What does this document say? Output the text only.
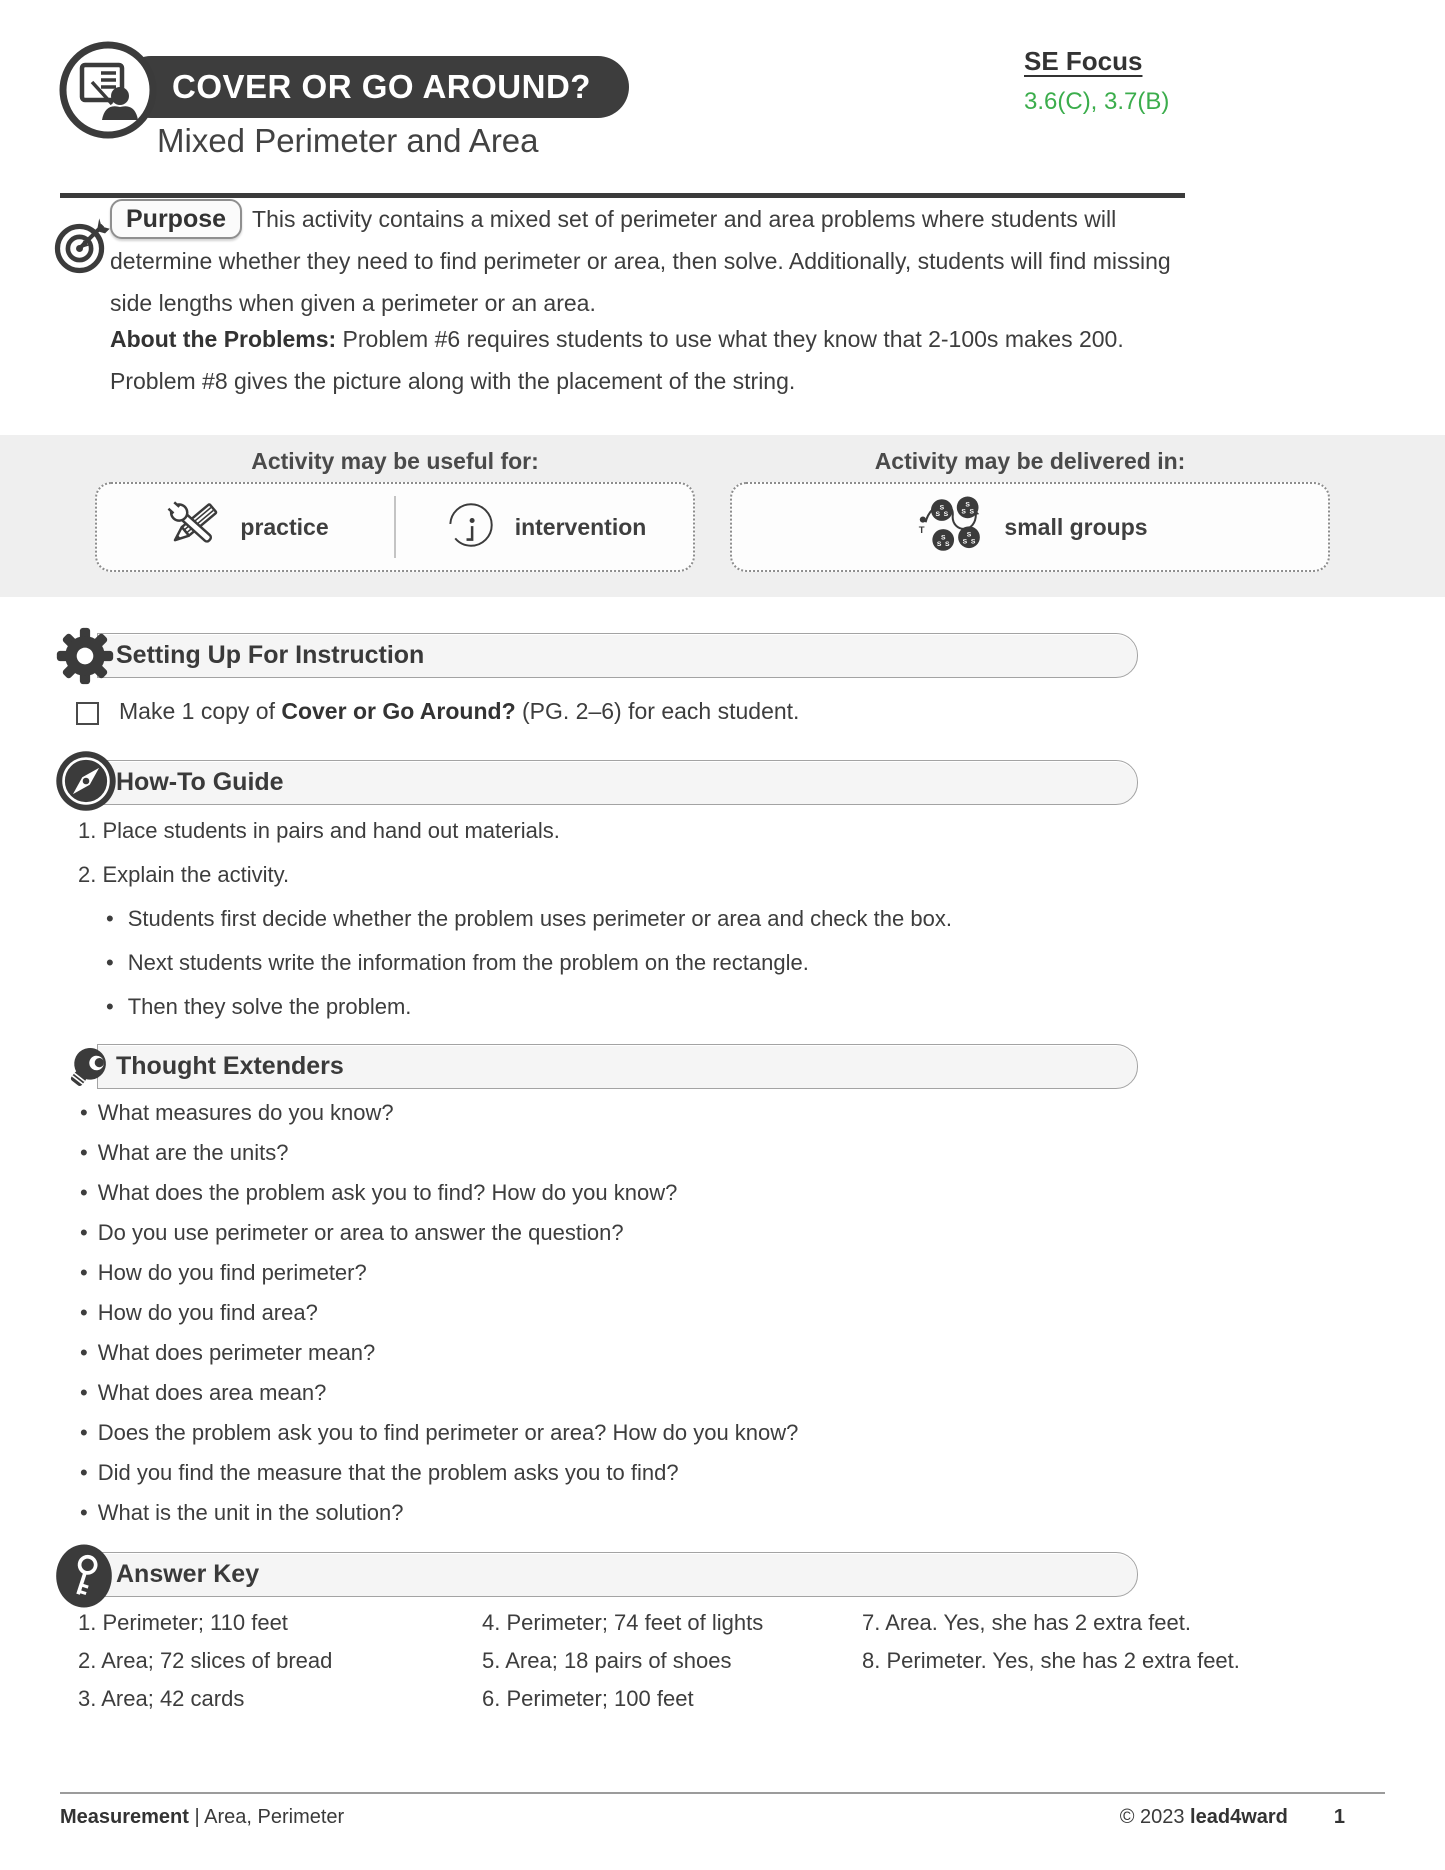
COVER OR GO AROUND?
Mixed Perimeter and Area
SE Focus
3.6(C), 3.7(B)
Purpose This activity contains a mixed set of perimeter and area problems where students will determine whether they need to find perimeter or area, then solve. Additionally, students will find missing side lengths when given a perimeter or an area.
About the Problems: Problem #6 requires students to use what they know that 2-100s makes 200. Problem #8 gives the picture along with the placement of the string.
Activity may be useful for:	Activity may be delivered in:
practice	intervention
S
S S
T	small groups
Setting Up For Instruction
Make 1 copy of Cover or Go Around? (PG. 2–6) for each student.
How-To Guide
1. Place students in pairs and hand out materials.
2. Explain the activity.
• Students first decide whether the problem uses perimeter or area and check the box.
• Next students write the information from the problem on the rectangle.
• Then they solve the problem.
Thought Extenders
• What measures do you know?
• What are the units?
• What does the problem ask you to find? How do you know?
• Do you use perimeter or area to answer the question?
• How do you find perimeter?
• How do you find area?
• What does perimeter mean?
• What does area mean?
• Does the problem ask you to find perimeter or area? How do you know?
• Did you find the measure that the problem asks you to find?
• What is the unit in the solution?
Answer Key
1. Perimeter; 110 feet
2. Area; 72 slices of bread
3. Area; 42 cards
4. Perimeter; 74 feet of lights
5. Area; 18 pairs of shoes
6. Perimeter; 100 feet
7. Area. Yes, she has 2 extra feet.
8. Perimeter. Yes, she has 2 extra feet.
Measurement | Area, Perimeter	© 2023 lead4ward 1
